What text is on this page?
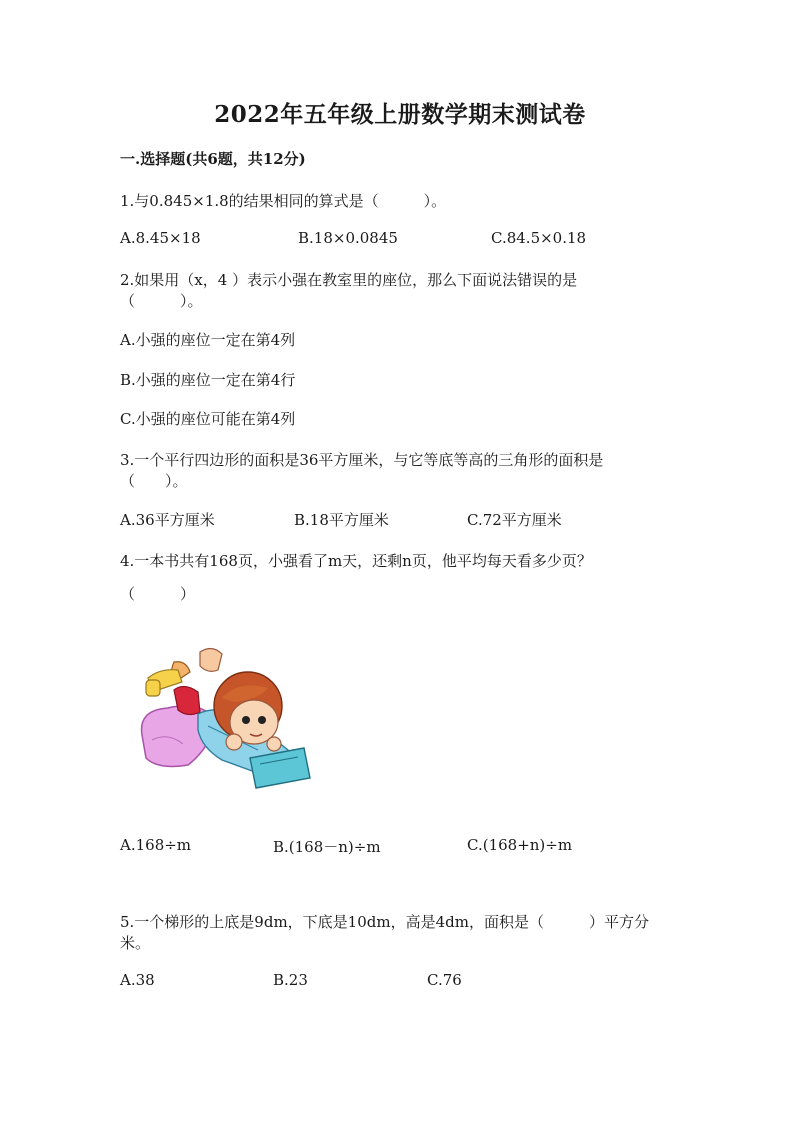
2022年五年级上册数学期末测试卷
一.选择题(共6题，共12分)
1.与0.845×1.8的结果相同的算式是（　　　）。
A.8.45×18	B.18×0.0845	C.84.5×0.18
2.如果用（x，4 ）表示小强在教室里的座位，那么下面说法错误的是
（　　　）。
A.小强的座位一定在第4列
B.小强的座位一定在第4行
C.小强的座位可能在第4列
3.一个平行四边形的面积是36平方厘米，与它等底等高的三角形的面积是
（　　）。
A.36平方厘米	B.18平方厘米	C.72平方厘米
4.一本书共有168页，小强看了m天，还剩n页，他平均每天看多少页？
（　　　）
A.168÷m	B.(168－n)÷m	C.(168+n)÷m
5.一个梯形的上底是9dm，下底是10dm，高是4dm，面积是（　　　）平方分
米。
A.38	B.23	C.76
